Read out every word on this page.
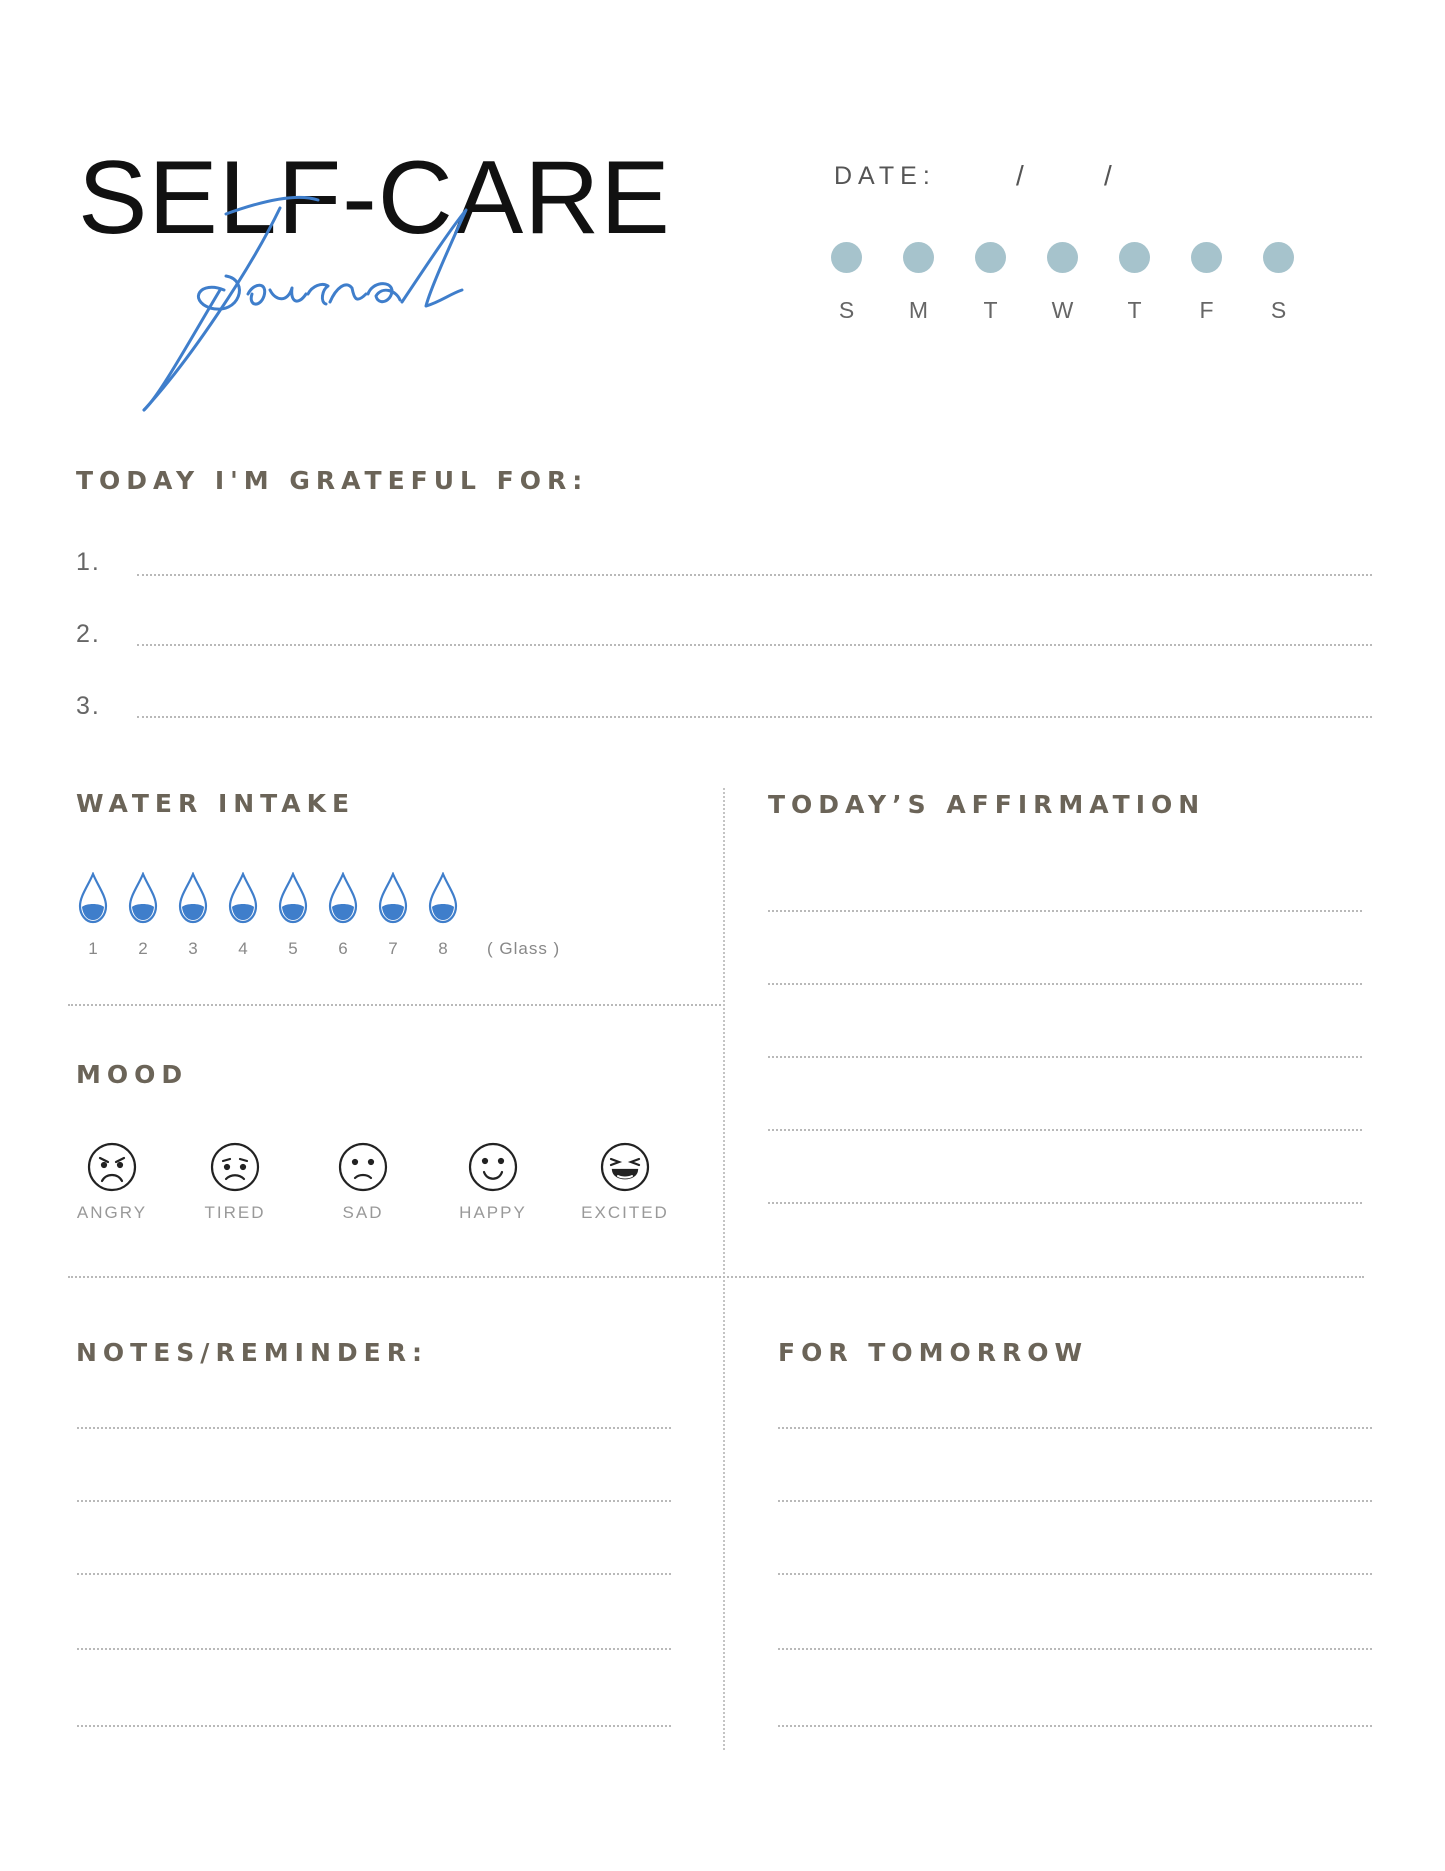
SELF-CARE	DATE:	/	/
S	M	T	W	T	F	S
TODAY I'M GRATEFUL FOR:
1.
2.
3.
WATER INTAKE
1	2	3	4	5	6	7	8	( Glass )
MOOD
ANGRY	TIRED	SAD	HAPPY	EXCITED
TODAY’S AFFIRMATION
NOTES/REMINDER:	FOR TOMORROW
